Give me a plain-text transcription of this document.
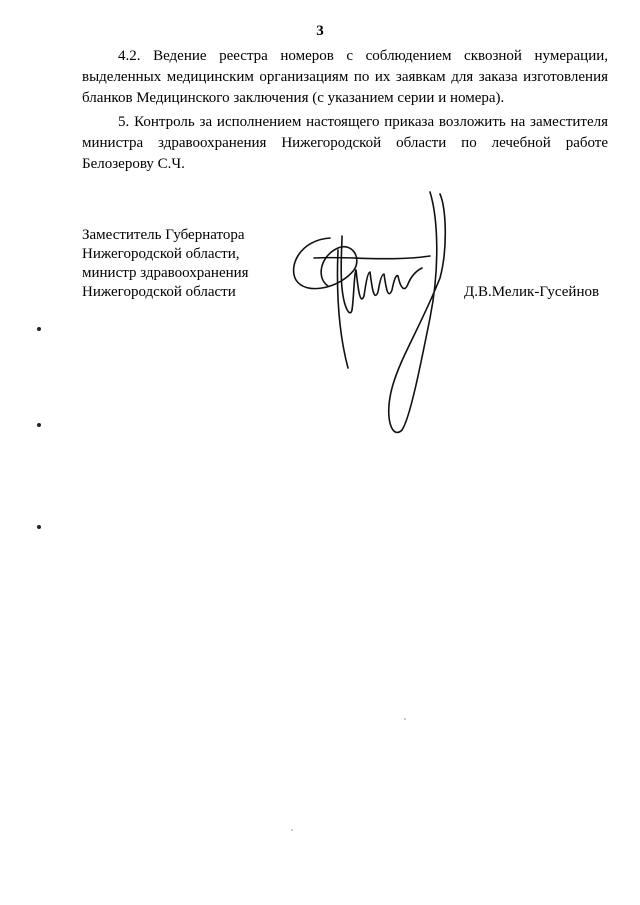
3

4.2. Ведение реестра номеров с соблюдением сквозной нумерации, выделенных медицинским организациям по их заявкам для заказа изготовления бланков Медицинского заключения (с указанием серии и номера).

5. Контроль за исполнением настоящего приказа возложить на заместителя министра здравоохранения Нижегородской области по лечебной работе Белозерову С.Ч.

Заместитель Губернатора
Нижегородской области,
министр здравоохранения
Нижегородской области	Д.В.Мелик-Гусейнов
